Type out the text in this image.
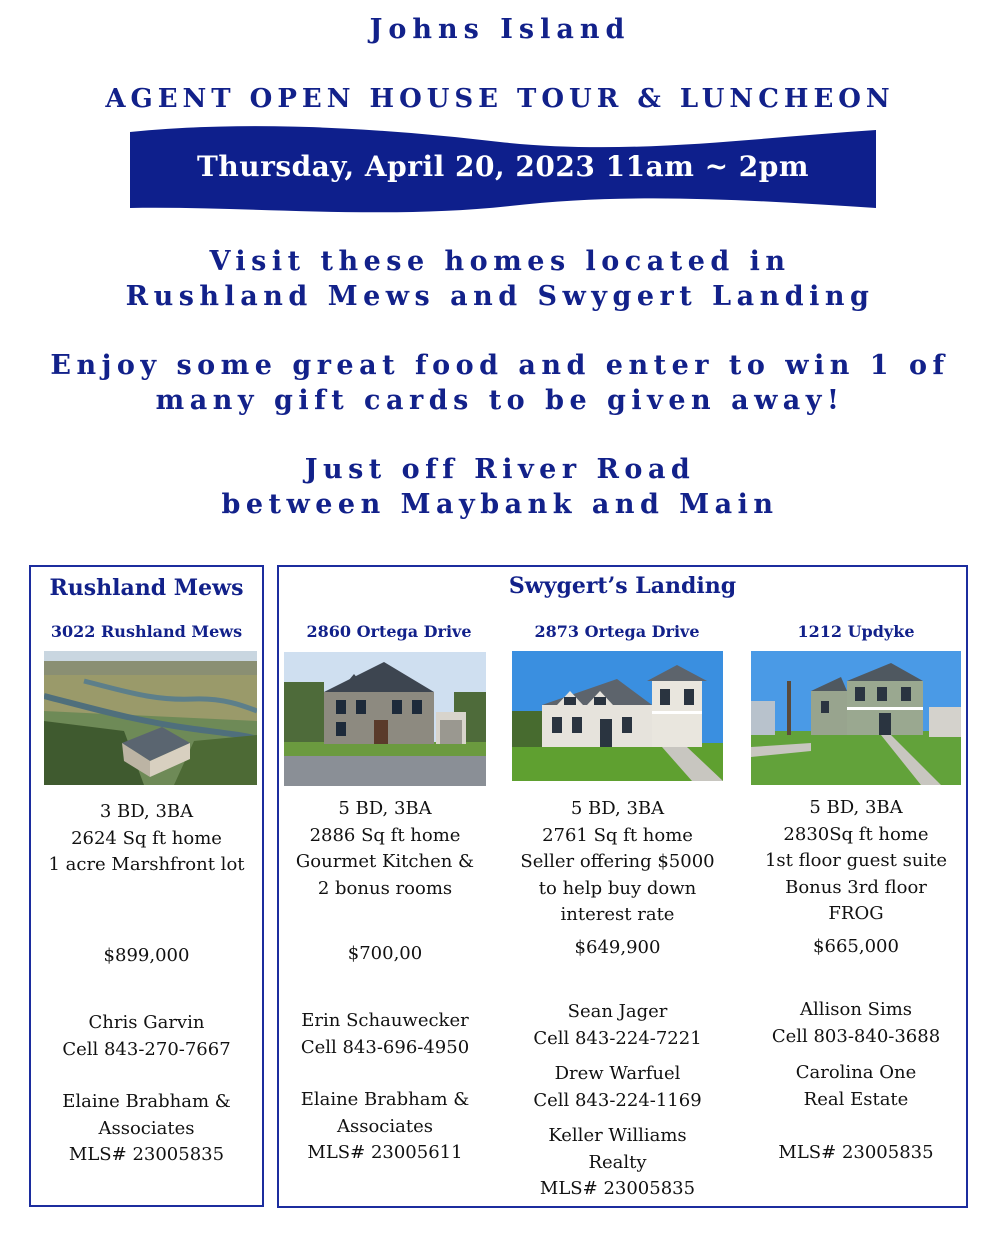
Johns Island
AGENT OPEN HOUSE TOUR & LUNCHEON
Thursday, April 20, 2023 11am ~ 2pm
Visit these homes located in
Rushland Mews and Swygert Landing
Enjoy some great food and enter to win 1 of
many gift cards to be given away!
Just off River Road
between Maybank and Main
Rushland Mews
3022 Rushland Mews
3 BD, 3BA
2624 Sq ft home
1 acre Marshfront lot
$899,000
Chris Garvin
Cell 843-270-7667
Elaine Brabham &
Associates
MLS# 23005835
Swygert’s Landing
2860 Ortega Drive
5 BD, 3BA
2886 Sq ft home
Gourmet Kitchen &
2 bonus rooms
$700,00
Erin Schauwecker
Cell 843-696-4950
Elaine Brabham &
Associates
MLS# 23005611
2873 Ortega Drive
5 BD, 3BA
2761 Sq ft home
Seller offering $5000
to help buy down
interest rate
$649,900
Sean Jager
Cell 843-224-7221
Drew Warfuel
Cell 843-224-1169
Keller Williams
Realty
MLS# 23005835
1212 Updyke
5 BD, 3BA
2830Sq ft home
1st floor guest suite
Bonus 3rd floor
FROG
$665,000
Allison Sims
Cell 803-840-3688
Carolina One
Real Estate

MLS# 23005835
